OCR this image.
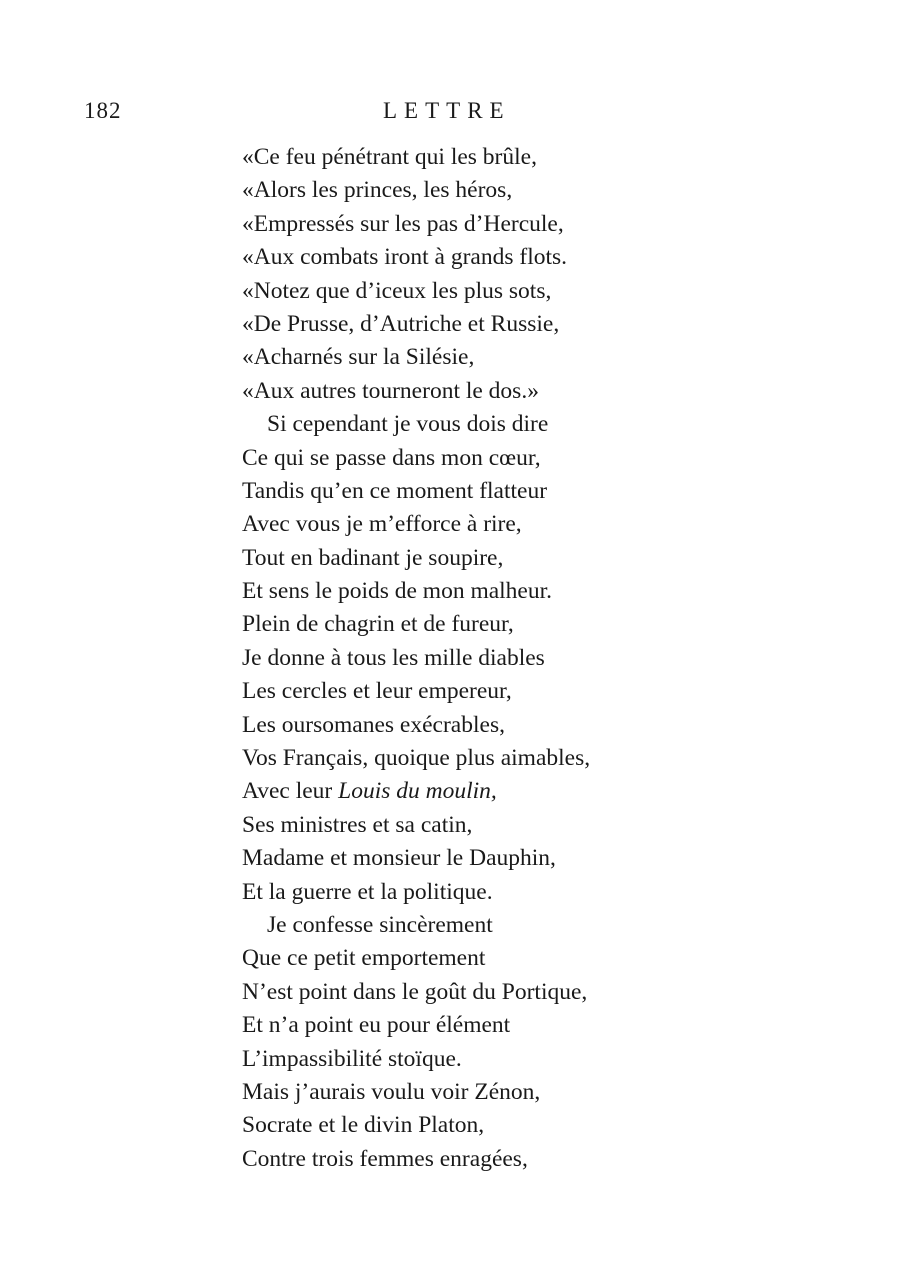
182	LETTRE
«Ce feu pénétrant qui les brûle,
«Alors les princes, les héros,
«Empressés sur les pas d’Hercule,
«Aux combats iront à grands flots.
«Notez que d’iceux les plus sots,
«De Prusse, d’Autriche et Russie,
«Acharnés sur la Silésie,
«Aux autres tourneront le dos.»
Si cependant je vous dois dire
Ce qui se passe dans mon cœur,
Tandis qu’en ce moment flatteur
Avec vous je m’efforce à rire,
Tout en badinant je soupire,
Et sens le poids de mon malheur.
Plein de chagrin et de fureur,
Je donne à tous les mille diables
Les cercles et leur empereur,
Les oursomanes exécrables,
Vos Français, quoique plus aimables,
Avec leur Louis du moulin,
Ses ministres et sa catin,
Madame et monsieur le Dauphin,
Et la guerre et la politique.
Je confesse sincèrement
Que ce petit emportement
N’est point dans le goût du Portique,
Et n’a point eu pour élément
L’impassibilité stoïque.
Mais j’aurais voulu voir Zénon,
Socrate et le divin Platon,
Contre trois femmes enragées,
